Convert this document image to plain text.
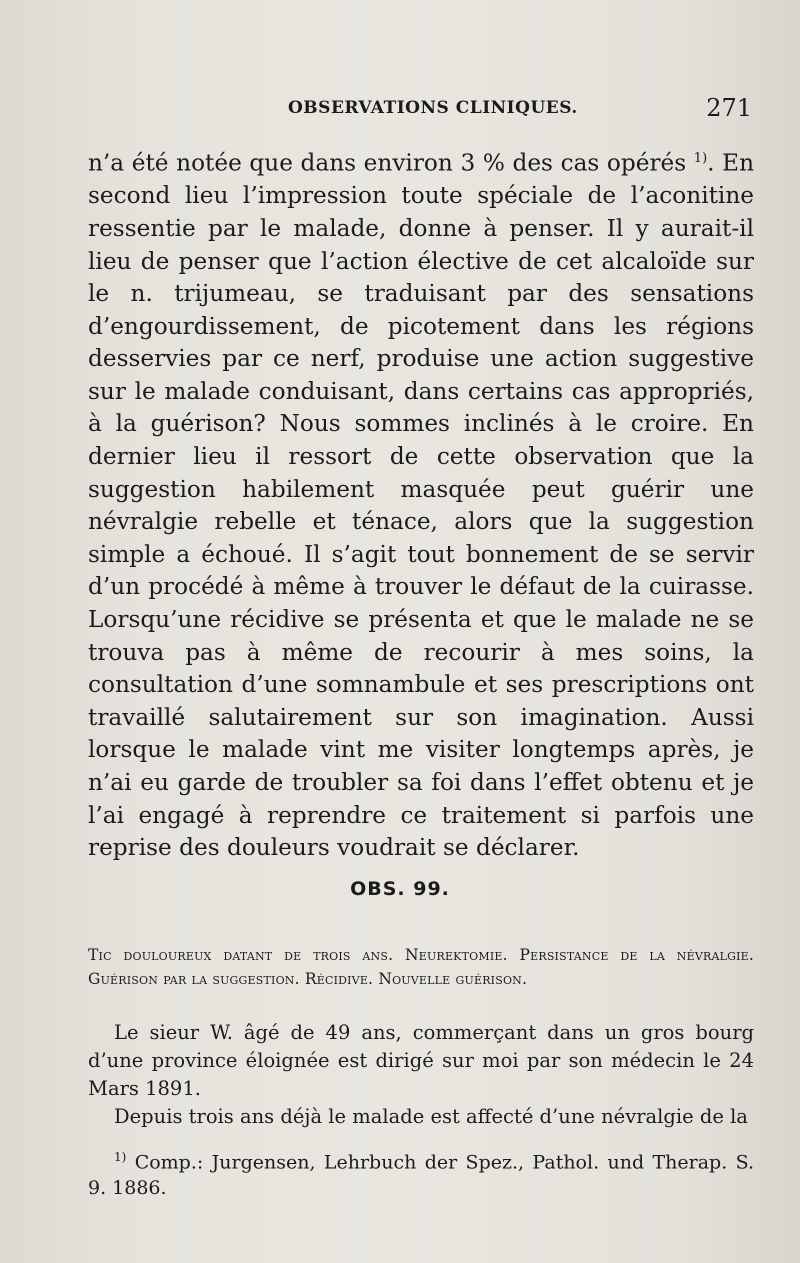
OBSERVATIONS CLINIQUES.	271

n’a été notée que dans environ 3 % des cas opérés $^{1)}$. En second lieu l’impression toute spéciale de l’aconitine ressentie par le malade, donne à penser. Il y aurait-il lieu de penser que l’action élective de cet alcaloïde sur le n. trijumeau, se traduisant par des sensations d’engourdissement, de picotement dans les régions desservies par ce nerf, produise une action suggestive sur le malade conduisant, dans certains cas appropriés, à la guérison? Nous sommes inclinés à le croire. En dernier lieu il ressort de cette observation que la suggestion habilement masquée peut guérir une névralgie rebelle et ténace, alors que la suggestion simple a échoué. Il s’agit tout bonnement de se servir d’un procédé à même à trouver le défaut de la cuirasse. Lorsqu’une récidive se présenta et que le malade ne se trouva pas à même de recourir à mes soins, la consultation d’une somnambule et ses prescriptions ont travaillé salutairement sur son imagination. Aussi lorsque le malade vint me visiter longtemps après, je n’ai eu garde de troubler sa foi dans l’effet obtenu et je l’ai engagé à reprendre ce traitement si parfois une reprise des douleurs voudrait se déclarer.

OBS. 99.
Tic douloureux datant de trois ans. Neurektomie. Persistance de la névralgie. Guérison par la suggestion. Récidive. Nouvelle guérison.

Le sieur W. âgé de 49 ans, commerçant dans un gros bourg d’une province éloignée est dirigé sur moi par son médecin le 24 Mars 1891.

Depuis trois ans déjà le malade est affecté d’une névralgie de la

$^{1)}$ Comp.: Jurgensen, Lehrbuch der Spez., Pathol. und Therap. S. 9. 1886.
